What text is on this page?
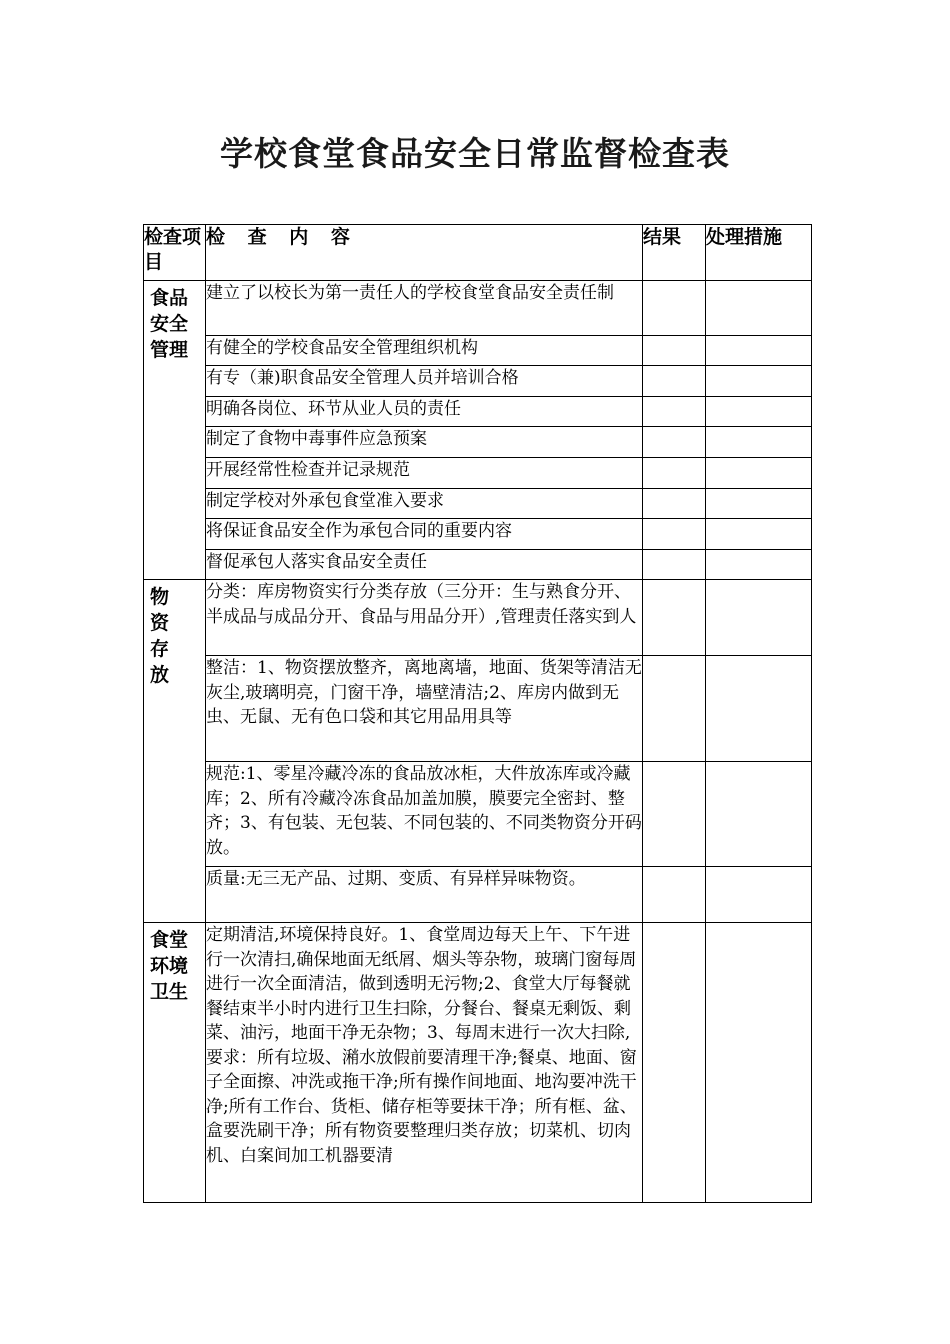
学校食堂食品安全日常监督检查表
检查项目	检 查 内 容	结果	处理措施

食品安全管理	建立了以校长为第一责任人的学校食堂食品安全责任制		
	有健全的学校食品安全管理组织机构		
	有专（兼)职食品安全管理人员并培训合格		
	明确各岗位、环节从业人员的责任		
	制定了食物中毒事件应急预案		
	开展经常性检查并记录规范		
	制定学校对外承包食堂准入要求		
	将保证食品安全作为承包合同的重要内容		
	督促承包人落实食品安全责任		

物资存放	分类：库房物资实行分类存放（三分开：生与熟食分开、半成品与成品分开、食品与用品分开）,管理责任落实到人		
	整洁：1、物资摆放整齐，离地离墙，地面、货架等清洁无灰尘,玻璃明亮，门窗干净，墙壁清洁;2、库房内做到无虫、无鼠、无有色口袋和其它用品用具等		
	规范:1、零星冷藏冷冻的食品放冰柜，大件放冻库或冷藏库；2、所有冷藏冷冻食品加盖加膜，膜要完全密封、整齐；3、有包装、无包装、不同包装的、不同类物资分开码放。		
	质量:无三无产品、过期、变质、有异样异味物资。		

食堂环境卫生	定期清洁,环境保持良好。1、食堂周边每天上午、下午进行一次清扫,确保地面无纸屑、烟头等杂物，玻璃门窗每周进行一次全面清洁，做到透明无污物;2、食堂大厅每餐就餐结束半小时内进行卫生扫除，分餐台、餐桌无剩饭、剩菜、油污，地面干净无杂物；3、每周末进行一次大扫除,要求：所有垃圾、潲水放假前要清理干净;餐桌、地面、窗子全面擦、冲洗或拖干净;所有操作间地面、地沟要冲洗干净;所有工作台、货柜、储存柜等要抹干净；所有框、盆、盒要洗刷干净；所有物资要整理归类存放；切菜机、切肉机、白案间加工机器要清		
